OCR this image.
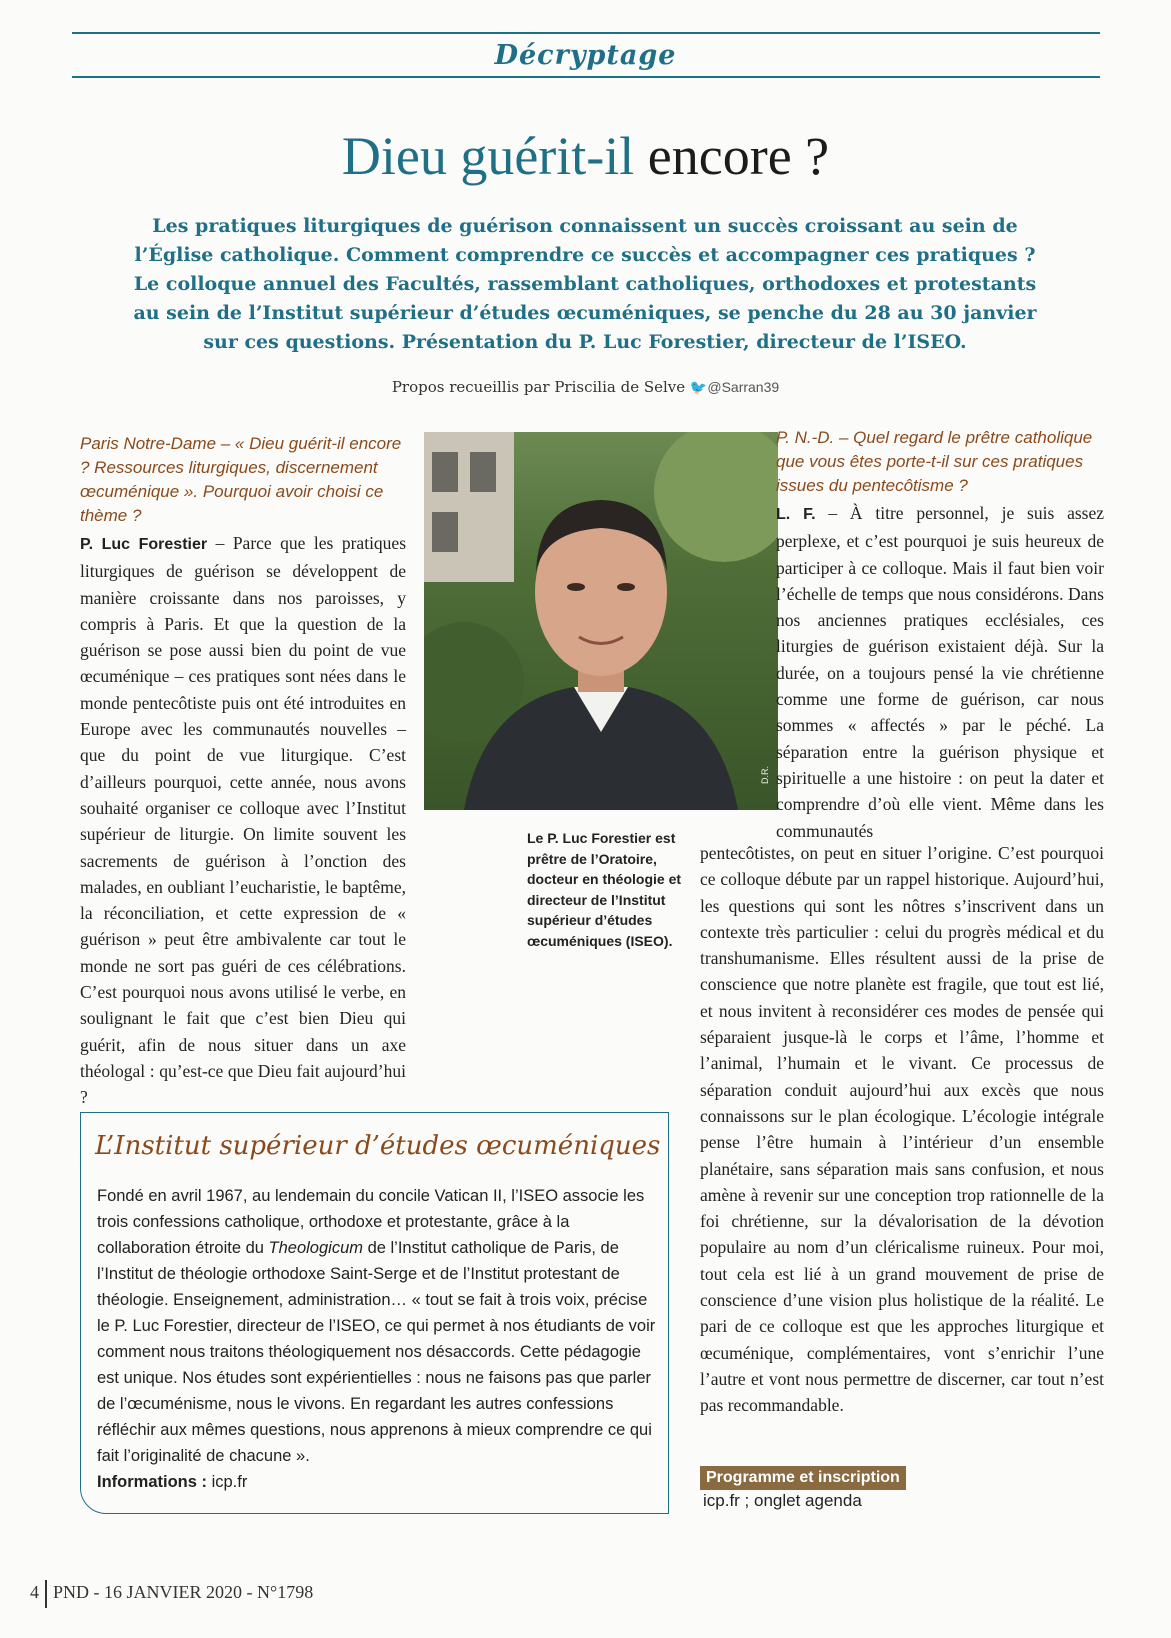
Décryptage
Dieu guérit-il encore ?
Les pratiques liturgiques de guérison connaissent un succès croissant au sein de
l’Église catholique. Comment comprendre ce succès et accompagner ces pratiques ?
Le colloque annuel des Facultés, rassemblant catholiques, orthodoxes et protestants
au sein de l’Institut supérieur d’études œcuméniques, se penche du 28 au 30 janvier
sur ces questions. Présentation du P. Luc Forestier, directeur de l’ISEO.
Propos recueillis par Priscilia de Selve 🐦@Sarran39

Paris Notre-Dame – « Dieu guérit-il encore ? Ressources liturgiques, discernement œcuménique ». Pourquoi avoir choisi ce thème ?

P. Luc Forestier – Parce que les pratiques liturgiques de guérison se développent de manière croissante dans nos paroisses, y compris à Paris. Et que la question de la guérison se pose aussi bien du point de vue œcuménique – ces pratiques sont nées dans le monde pentecôtiste puis ont été introduites en Europe avec les communautés nouvelles – que du point de vue liturgique. C’est d’ailleurs pourquoi, cette année, nous avons souhaité organiser ce colloque avec l’Institut supérieur de liturgie. On limite souvent les sacrements de guérison à l’onction des malades, en oubliant l’eucharistie, le baptême, la réconciliation, et cette expression de « guérison » peut être ambivalente car tout le monde ne sort pas guéri de ces célébrations. C’est pourquoi nous avons utilisé le verbe, en soulignant le fait que c’est bien Dieu qui guérit, afin de nous situer dans un axe théologal : qu’est-ce que Dieu fait aujourd’hui ?

D.R.
Le P. Luc Forestier est prêtre de l’Oratoire, docteur en théologie et directeur de l’Institut supérieur d’études œcuméniques (ISEO).

P. N.-D. – Quel regard le prêtre catholique que vous êtes porte-t-il sur ces pratiques issues du pentecôtisme ?

L. F. – À titre personnel, je suis assez perplexe, et c’est pourquoi je suis heureux de participer à ce colloque. Mais il faut bien voir l’échelle de temps que nous considérons. Dans nos anciennes pratiques ecclésiales, ces liturgies de guérison existaient déjà. Sur la durée, on a toujours pensé la vie chrétienne comme une forme de guérison, car nous sommes « affectés » par le péché. La séparation entre la guérison physique et spirituelle a une histoire : on peut la dater et comprendre d’où elle vient. Même dans les communautés

pentecôtistes, on peut en situer l’origine. C’est pourquoi ce colloque débute par un rappel historique. Aujourd’hui, les questions qui sont les nôtres s’inscrivent dans un contexte très particulier : celui du progrès médical et du transhumanisme. Elles résultent aussi de la prise de conscience que notre planète est fragile, que tout est lié, et nous invitent à reconsidérer ces modes de pensée qui séparaient jusque-là le corps et l’âme, l’homme et l’animal, l’humain et le vivant. Ce processus de séparation conduit aujourd’hui aux excès que nous connaissons sur le plan écologique. L’écologie intégrale pense l’être humain à l’intérieur d’un ensemble planétaire, sans séparation mais sans confusion, et nous amène à revenir sur une conception trop rationnelle de la foi chrétienne, sur la dévalorisation de la dévotion populaire au nom d’un cléricalisme ruineux. Pour moi, tout cela est lié à un grand mouvement de prise de conscience d’une vision plus holistique de la réalité. Le pari de ce colloque est que les approches liturgique et œcuménique, complémentaires, vont s’enrichir l’une l’autre et vont nous permettre de discerner, car tout n’est pas recommandable.

L’Institut supérieur d’études œcuméniques

Fondé en avril 1967, au lendemain du concile Vatican II, l’ISEO associe les trois confessions catholique, orthodoxe et protestante, grâce à la collaboration étroite du Theologicum de l’Institut catholique de Paris, de l’Institut de théologie orthodoxe Saint-Serge et de l’Institut protestant de théologie. Enseignement, administration… « tout se fait à trois voix, précise le P. Luc Forestier, directeur de l’ISEO, ce qui permet à nos étudiants de voir comment nous traitons théologiquement nos désaccords. Cette pédagogie est unique. Nos études sont expérientielles : nous ne faisons pas que parler de l’œcuménisme, nous le vivons. En regardant les autres confessions réfléchir aux mêmes questions, nous apprenons à mieux comprendre ce qui fait l’originalité de chacune ».

Informations : icp.fr	Programme et inscription
icp.fr ; onglet agenda
4 PND - 16 JANVIER 2020 - N°1798
